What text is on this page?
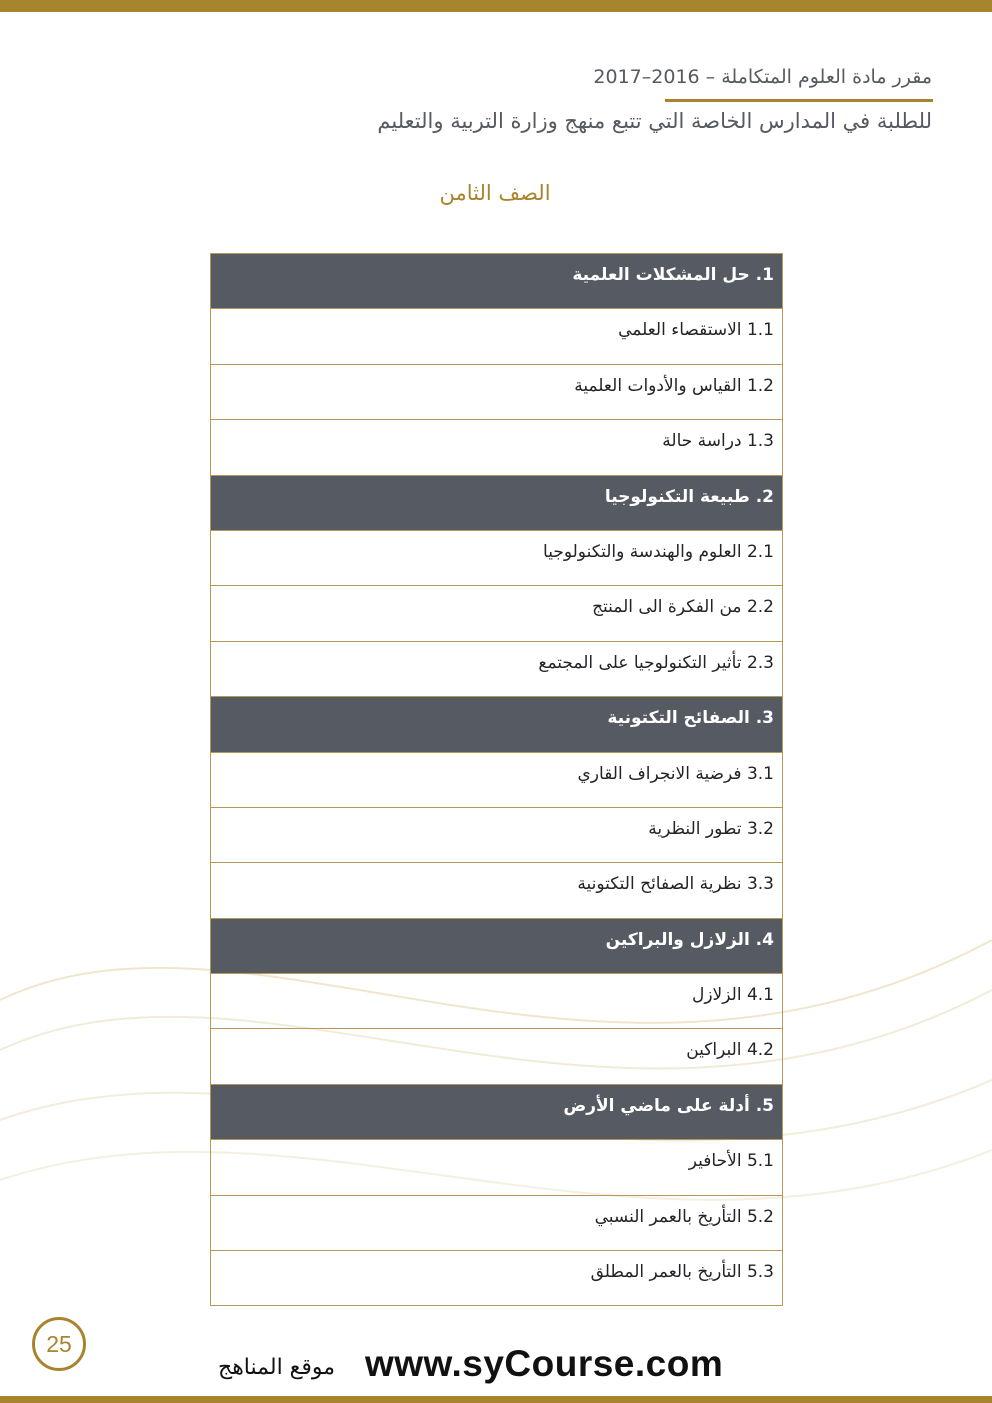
مقرر مادة العلوم المتكاملة – 2016–2017
للطلبة في المدارس الخاصة التي تتبع منهج وزارة التربية والتعليم
الصف الثامن
1. حل المشكلات العلمية
1.1 الاستقصاء العلمي
1.2 القياس والأدوات العلمية
1.3 دراسة حالة
2. طبيعة التكنولوجيا
2.1 العلوم والهندسة والتكنولوجيا
2.2 من الفكرة الى المنتج
2.3 تأثير التكنولوجيا على المجتمع
3. الصفائح التكتونية
3.1 فرضية الانجراف القاري
3.2 تطور النظرية
3.3 نظرية الصفائح التكتونية
4. الزلازل والبراكين
4.1 الزلازل
4.2 البراكين
5. أدلة على ماضي الأرض
5.1 الأحافير
5.2 التأريخ بالعمر النسبي
5.3 التأريخ بالعمر المطلق
25	www.syCourse.com
موقع المناهج
